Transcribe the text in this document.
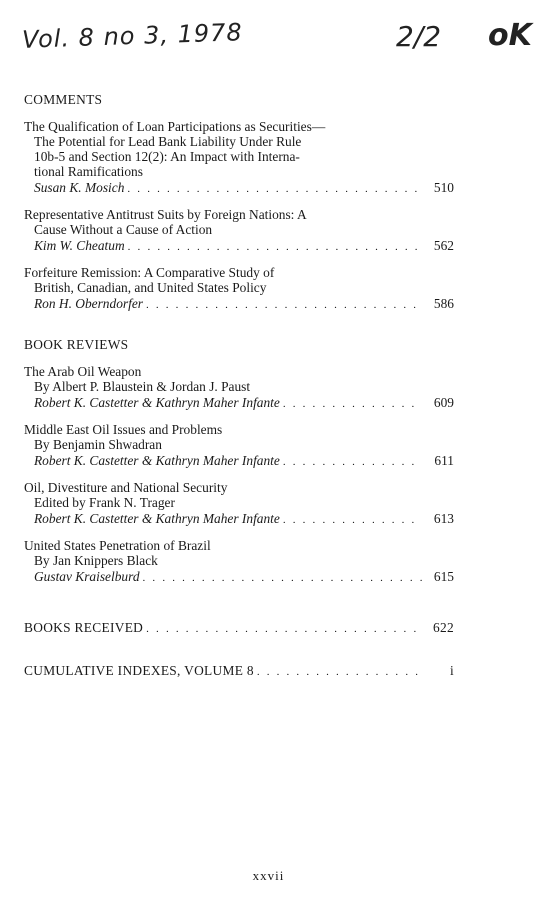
Vol. 8 no 3, 1978	2/2 oK
COMMENTS
The Qualification of Loan Participations as Securities—
The Potential for Lead Bank Liability Under Rule
10b-5 and Section 12(2): An Impact with Interna-
tional Ramifications
Susan K. Mosich . . .	510
Representative Antitrust Suits by Foreign Nations: A
Cause Without a Cause of Action
Kim W. Cheatum . . .	562
Forfeiture Remission: A Comparative Study of
British, Canadian, and United States Policy
Ron H. Oberndorfer . . .	586
BOOK REVIEWS
The Arab Oil Weapon
By Albert P. Blaustein & Jordan J. Paust
Robert K. Castetter & Kathryn Maher Infante . . .	609
Middle East Oil Issues and Problems
By Benjamin Shwadran
Robert K. Castetter & Kathryn Maher Infante . . .	611
Oil, Divestiture and National Security
Edited by Frank N. Trager
Robert K. Castetter & Kathryn Maher Infante . . .	613
United States Penetration of Brazil
By Jan Knippers Black
Gustav Kraiselburd . . .	615
BOOKS RECEIVED . . .	622
CUMULATIVE INDEXES, VOLUME 8 . . .	i
xxvii
